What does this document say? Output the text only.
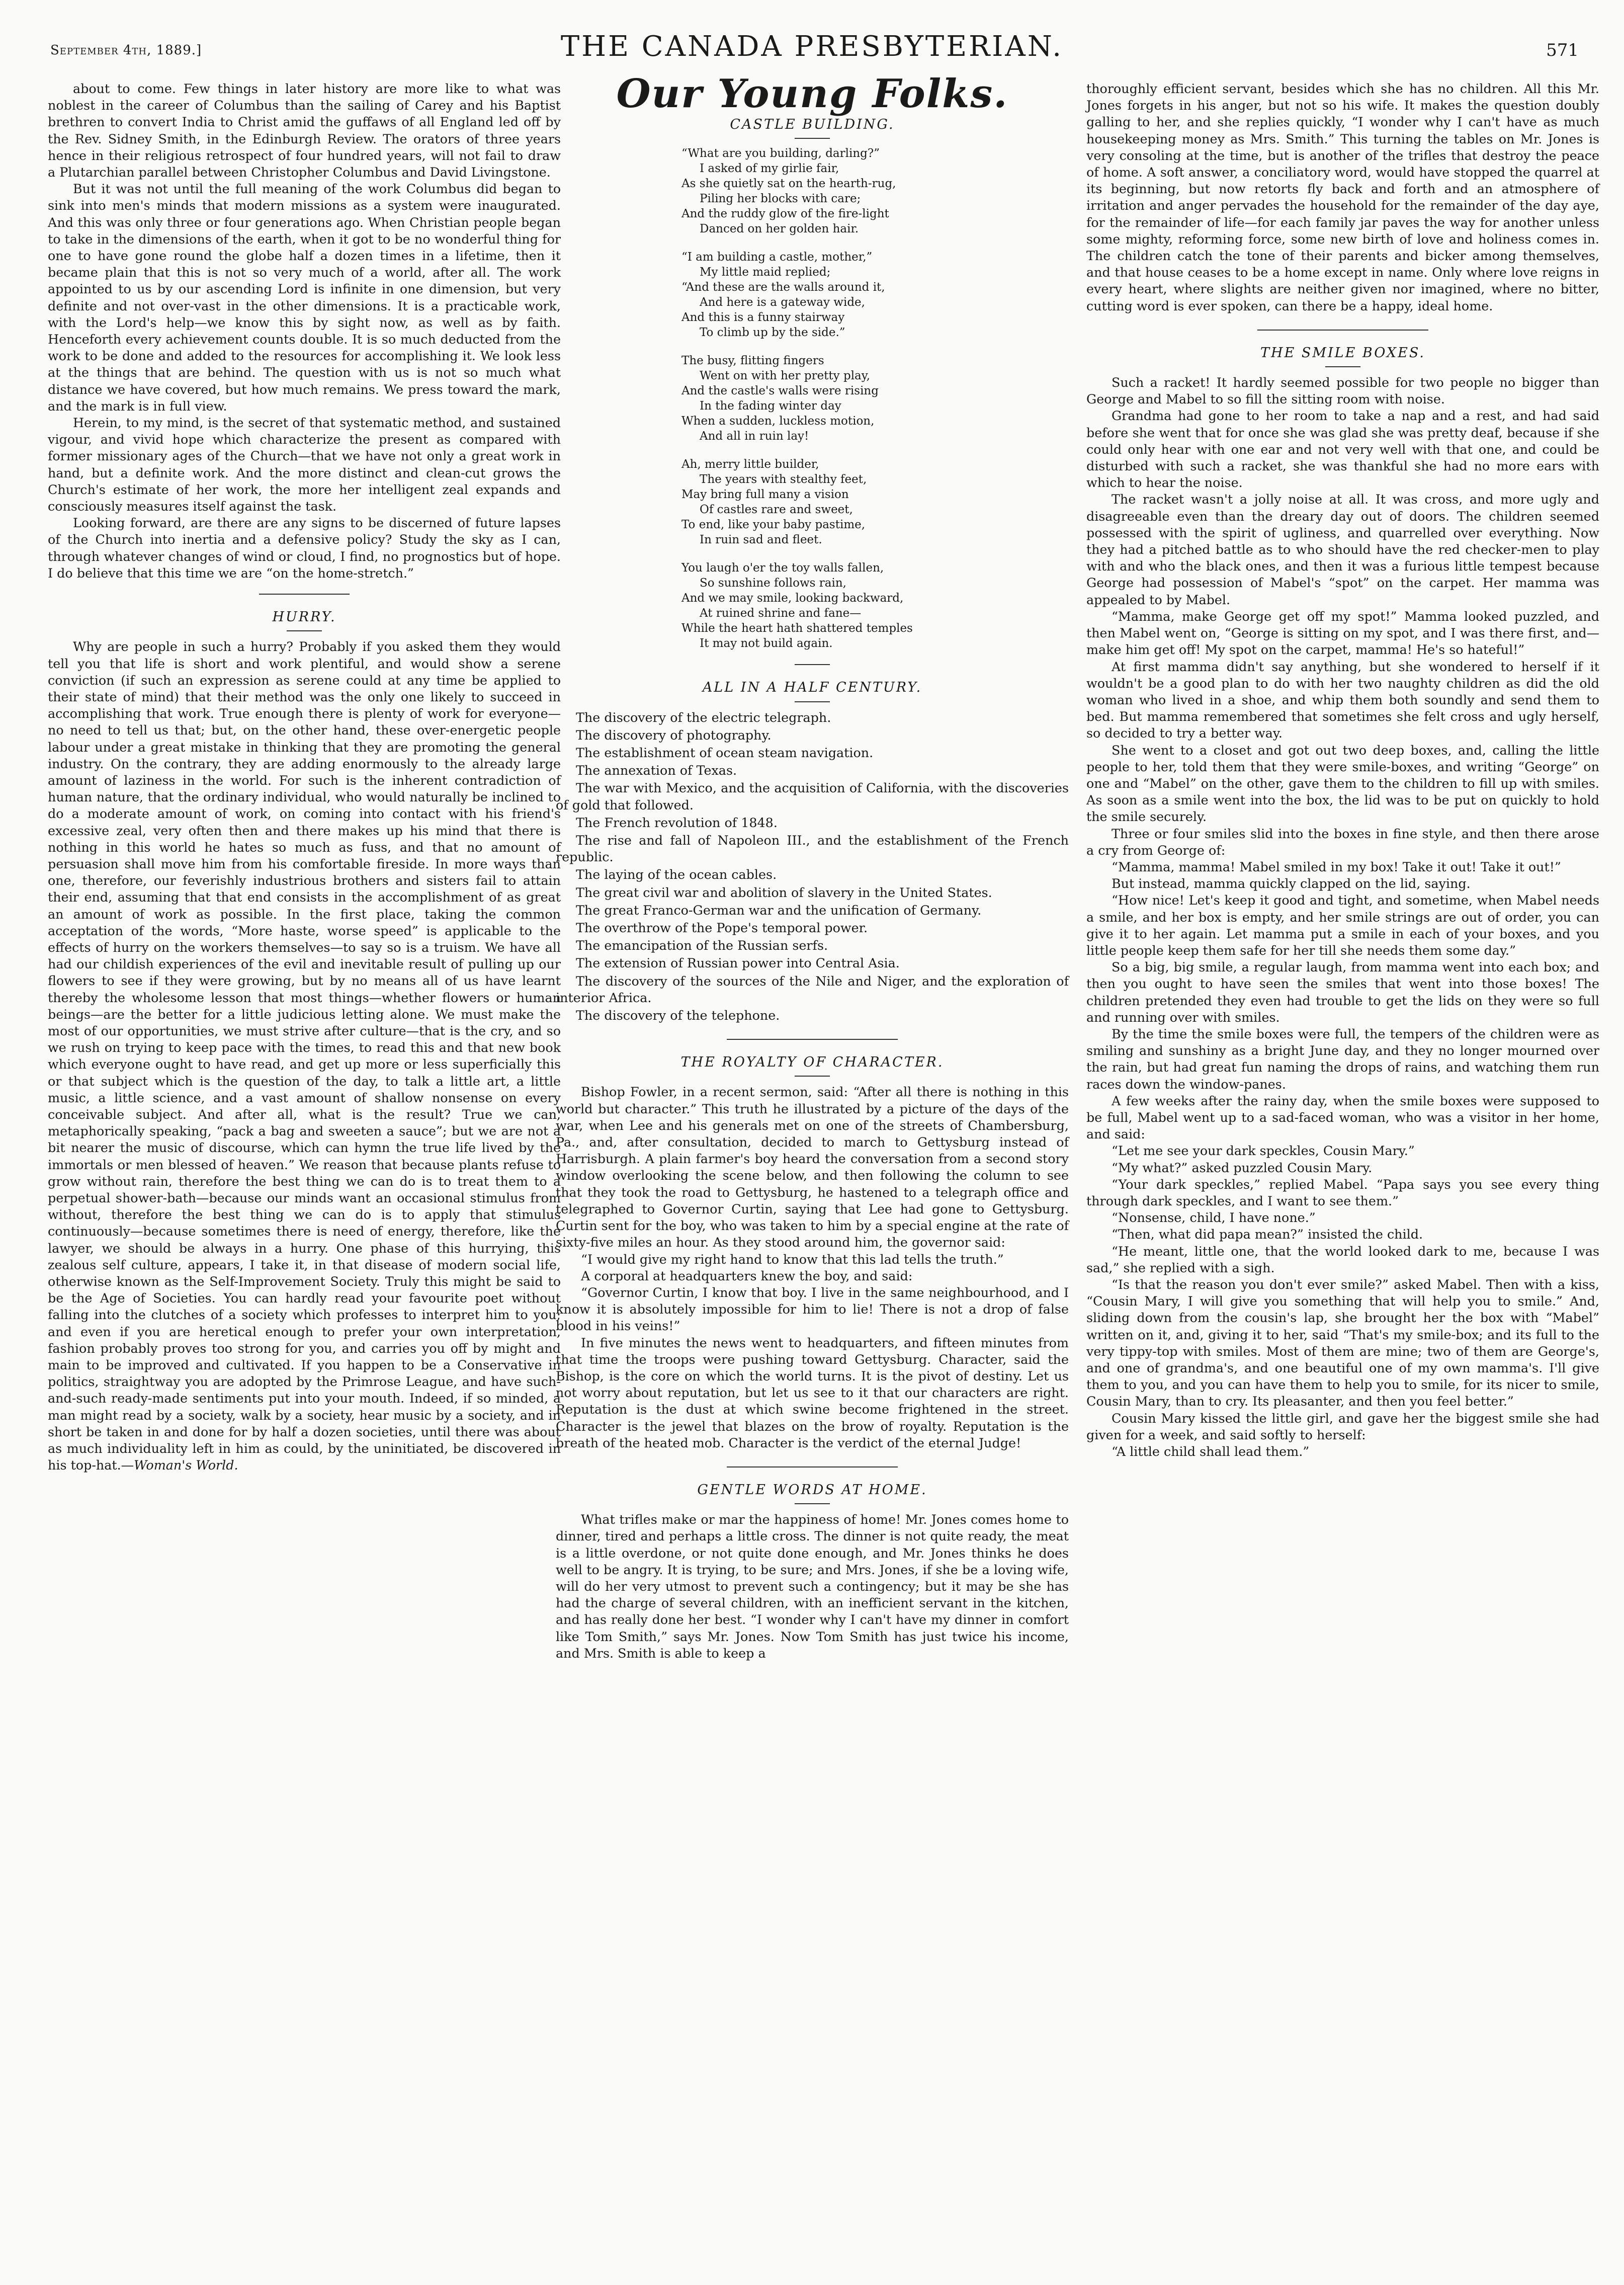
September 4th, 1889.]	THE CANADA PRESBYTERIAN.	571

about to come. Few things in later history are more like to what was noblest in the career of Columbus than the sailing of Carey and his Baptist brethren to convert India to Christ amid the guffaws of all England led off by the Rev. Sidney Smith, in the Edinburgh Review. The orators of three years hence in their religious retrospect of four hundred years, will not fail to draw a Plutarchian parallel between Christopher Columbus and David Livingstone.

But it was not until the full meaning of the work Columbus did began to sink into men's minds that modern missions as a system were inaugurated. And this was only three or four generations ago. When Christian people began to take in the dimensions of the earth, when it got to be no wonderful thing for one to have gone round the globe half a dozen times in a lifetime, then it became plain that this is not so very much of a world, after all. The work appointed to us by our ascending Lord is infinite in one dimension, but very definite and not over-vast in the other dimensions. It is a practicable work, with the Lord's help—we know this by sight now, as well as by faith. Henceforth every achievement counts double. It is so much deducted from the work to be done and added to the resources for accomplishing it. We look less at the things that are behind. The question with us is not so much what distance we have covered, but how much remains. We press toward the mark, and the mark is in full view.

Herein, to my mind, is the secret of that systematic method, and sustained vigour, and vivid hope which characterize the present as compared with former missionary ages of the Church—that we have not only a great work in hand, but a definite work. And the more distinct and clean-cut grows the Church's estimate of her work, the more her intelligent zeal expands and consciously measures itself against the task.

Looking forward, are there are any signs to be discerned of future lapses of the Church into inertia and a defensive policy? Study the sky as I can, through whatever changes of wind or cloud, I find, no prognostics but of hope. I do believe that this time we are “on the home-stretch.”

HURRY.

Why are people in such a hurry? Probably if you asked them they would tell you that life is short and work plentiful, and would show a serene conviction (if such an expression as serene could at any time be applied to their state of mind) that their method was the only one likely to succeed in accomplishing that work. True enough there is plenty of work for everyone—no need to tell us that; but, on the other hand, these over-energetic people labour under a great mistake in thinking that they are promoting the general industry. On the contrary, they are adding enormously to the already large amount of laziness in the world. For such is the inherent contradiction of human nature, that the ordinary individual, who would naturally be inclined to do a moderate amount of work, on coming into contact with his friend's excessive zeal, very often then and there makes up his mind that there is nothing in this world he hates so much as fuss, and that no amount of persuasion shall move him from his comfortable fireside. In more ways than one, therefore, our feverishly industrious brothers and sisters fail to attain their end, assuming that that end consists in the accomplishment of as great an amount of work as possible. In the first place, taking the common acceptation of the words, “More haste, worse speed” is applicable to the effects of hurry on the workers themselves—to say so is a truism. We have all had our childish experiences of the evil and inevitable result of pulling up our flowers to see if they were growing, but by no means all of us have learnt thereby the wholesome lesson that most things—whether flowers or human beings—are the better for a little judicious letting alone. We must make the most of our opportunities, we must strive after culture—that is the cry, and so we rush on trying to keep pace with the times, to read this and that new book which everyone ought to have read, and get up more or less superficially this or that subject which is the question of the day, to talk a little art, a little music, a little science, and a vast amount of shallow nonsense on every conceivable subject. And after all, what is the result? True we can, metaphorically speaking, “pack a bag and sweeten a sauce”; but we are not a bit nearer the music of discourse, which can hymn the true life lived by the immortals or men blessed of heaven.” We reason that because plants refuse to grow without rain, therefore the best thing we can do is to treat them to a perpetual shower-bath—because our minds want an occasional stimulus from without, therefore the best thing we can do is to apply that stimulus continuously—because sometimes there is need of energy, therefore, like the lawyer, we should be always in a hurry. One phase of this hurrying, this zealous self culture, appears, I take it, in that disease of modern social life, otherwise known as the Self-Improvement Society. Truly this might be said to be the Age of Societies. You can hardly read your favourite poet without falling into the clutches of a society which professes to interpret him to you; and even if you are heretical enough to prefer your own interpretation, fashion probably proves too strong for you, and carries you off by might and main to be improved and cultivated. If you happen to be a Conservative in politics, straightway you are adopted by the Primrose League, and have such-and-such ready-made sentiments put into your mouth. Indeed, if so minded, a man might read by a society, walk by a society, hear music by a society, and in short be taken in and done for by half a dozen societies, until there was about as much individuality left in him as could, by the uninitiated, be discovered in his top-hat.—Woman's World.

Our Young Folks.
CASTLE BUILDING.
“What are you building, darling?”
I asked of my girlie fair,
As she quietly sat on the hearth-rug,
Piling her blocks with care;
And the ruddy glow of the fire-light
Danced on her golden hair.
“I am building a castle, mother,”
My little maid replied;
“And these are the walls around it,
And here is a gateway wide,
And this is a funny stairway
To climb up by the side.”
The busy, flitting fingers
Went on with her pretty play,
And the castle's walls were rising
In the fading winter day
When a sudden, luckless motion,
And all in ruin lay!
Ah, merry little builder,
The years with stealthy feet,
May bring full many a vision
Of castles rare and sweet,
To end, like your baby pastime,
In ruin sad and fleet.
You laugh o'er the toy walls fallen,
So sunshine follows rain,
And we may smile, looking backward,
At ruined shrine and fane—
While the heart hath shattered temples
It may not build again.
ALL IN A HALF CENTURY.

The discovery of the electric telegraph.

The discovery of photography.

The establishment of ocean steam navigation.

The annexation of Texas.

The war with Mexico, and the acquisition of California, with the discoveries of gold that followed.

The French revolution of 1848.

The rise and fall of Napoleon III., and the establishment of the French republic.

The laying of the ocean cables.

The great civil war and abolition of slavery in the United States.

The great Franco-German war and the unification of Germany.

The overthrow of the Pope's temporal power.

The emancipation of the Russian serfs.

The extension of Russian power into Central Asia.

The discovery of the sources of the Nile and Niger, and the exploration of interior Africa.

The discovery of the telephone.

THE ROYALTY OF CHARACTER.

Bishop Fowler, in a recent sermon, said: “After all there is nothing in this world but character.” This truth he illustrated by a picture of the days of the war, when Lee and his generals met on one of the streets of Chambersburg, Pa., and, after consultation, decided to march to Gettysburg instead of Harrisburgh. A plain farmer's boy heard the conversation from a second story window overlooking the scene below, and then following the column to see that they took the road to Gettysburg, he hastened to a telegraph office and telegraphed to Governor Curtin, saying that Lee had gone to Gettysburg. Curtin sent for the boy, who was taken to him by a special engine at the rate of sixty-five miles an hour. As they stood around him, the governor said:

“I would give my right hand to know that this lad tells the truth.”

A corporal at headquarters knew the boy, and said:

“Governor Curtin, I know that boy. I live in the same neighbourhood, and I know it is absolutely impossible for him to lie! There is not a drop of false blood in his veins!”

In five minutes the news went to headquarters, and fifteen minutes from that time the troops were pushing toward Gettysburg. Character, said the Bishop, is the core on which the world turns. It is the pivot of destiny. Let us not worry about reputation, but let us see to it that our characters are right. Reputation is the dust at which swine become frightened in the street. Character is the jewel that blazes on the brow of royalty. Reputation is the breath of the heated mob. Character is the verdict of the eternal Judge!

GENTLE WORDS AT HOME.

What trifles make or mar the happiness of home! Mr. Jones comes home to dinner, tired and perhaps a little cross. The dinner is not quite ready, the meat is a little overdone, or not quite done enough, and Mr. Jones thinks he does well to be angry. It is trying, to be sure; and Mrs. Jones, if she be a loving wife, will do her very utmost to prevent such a contingency; but it may be she has had the charge of several children, with an inefficient servant in the kitchen, and has really done her best. “I wonder why I can't have my dinner in comfort like Tom Smith,” says Mr. Jones. Now Tom Smith has just twice his income, and Mrs. Smith is able to keep a

thoroughly efficient servant, besides which she has no children. All this Mr. Jones forgets in his anger, but not so his wife. It makes the question doubly galling to her, and she replies quickly, “I wonder why I can't have as much housekeeping money as Mrs. Smith.” This turning the tables on Mr. Jones is very consoling at the time, but is another of the trifles that destroy the peace of home. A soft answer, a conciliatory word, would have stopped the quarrel at its beginning, but now retorts fly back and forth and an atmosphere of irritation and anger pervades the household for the remainder of the day aye, for the remainder of life—for each family jar paves the way for another unless some mighty, reforming force, some new birth of love and holiness comes in. The children catch the tone of their parents and bicker among themselves, and that house ceases to be a home except in name. Only where love reigns in every heart, where slights are neither given nor imagined, where no bitter, cutting word is ever spoken, can there be a happy, ideal home.

THE SMILE BOXES.

Such a racket! It hardly seemed possible for two people no bigger than George and Mabel to so fill the sitting room with noise.

Grandma had gone to her room to take a nap and a rest, and had said before she went that for once she was glad she was pretty deaf, because if she could only hear with one ear and not very well with that one, and could be disturbed with such a racket, she was thankful she had no more ears with which to hear the noise.

The racket wasn't a jolly noise at all. It was cross, and more ugly and disagreeable even than the dreary day out of doors. The children seemed possessed with the spirit of ugliness, and quarrelled over everything. Now they had a pitched battle as to who should have the red checker-men to play with and who the black ones, and then it was a furious little tempest because George had possession of Mabel's “spot” on the carpet. Her mamma was appealed to by Mabel.

“Mamma, make George get off my spot!” Mamma looked puzzled, and then Mabel went on, “George is sitting on my spot, and I was there first, and—make him get off! My spot on the carpet, mamma! He's so hateful!”

At first mamma didn't say anything, but she wondered to herself if it wouldn't be a good plan to do with her two naughty children as did the old woman who lived in a shoe, and whip them both soundly and send them to bed. But mamma remembered that sometimes she felt cross and ugly herself, so decided to try a better way.

She went to a closet and got out two deep boxes, and, calling the little people to her, told them that they were smile-boxes, and writing “George” on one and “Mabel” on the other, gave them to the children to fill up with smiles. As soon as a smile went into the box, the lid was to be put on quickly to hold the smile securely.

Three or four smiles slid into the boxes in fine style, and then there arose a cry from George of:

“Mamma, mamma! Mabel smiled in my box! Take it out! Take it out!”

But instead, mamma quickly clapped on the lid, saying.

“How nice! Let's keep it good and tight, and sometime, when Mabel needs a smile, and her box is empty, and her smile strings are out of order, you can give it to her again. Let mamma put a smile in each of your boxes, and you little people keep them safe for her till she needs them some day.”

So a big, big smile, a regular laugh, from mamma went into each box; and then you ought to have seen the smiles that went into those boxes! The children pretended they even had trouble to get the lids on they were so full and running over with smiles.

By the time the smile boxes were full, the tempers of the children were as smiling and sunshiny as a bright June day, and they no longer mourned over the rain, but had great fun naming the drops of rains, and watching them run races down the window-panes.

A few weeks after the rainy day, when the smile boxes were supposed to be full, Mabel went up to a sad-faced woman, who was a visitor in her home, and said:

“Let me see your dark speckles, Cousin Mary.”

“My what?” asked puzzled Cousin Mary.

“Your dark speckles,” replied Mabel. “Papa says you see every thing through dark speckles, and I want to see them.”

“Nonsense, child, I have none.”

“Then, what did papa mean?” insisted the child.

“He meant, little one, that the world looked dark to me, because I was sad,” she replied with a sigh.

“Is that the reason you don't ever smile?” asked Mabel. Then with a kiss, “Cousin Mary, I will give you something that will help you to smile.” And, sliding down from the cousin's lap, she brought her the box with “Mabel” written on it, and, giving it to her, said “That's my smile-box; and its full to the very tippy-top with smiles. Most of them are mine; two of them are George's, and one of grandma's, and one beautiful one of my own mamma's. I'll give them to you, and you can have them to help you to smile, for its nicer to smile, Cousin Mary, than to cry. Its pleasanter, and then you feel better.”

Cousin Mary kissed the little girl, and gave her the biggest smile she had given for a week, and said softly to herself:

“A little child shall lead them.”
